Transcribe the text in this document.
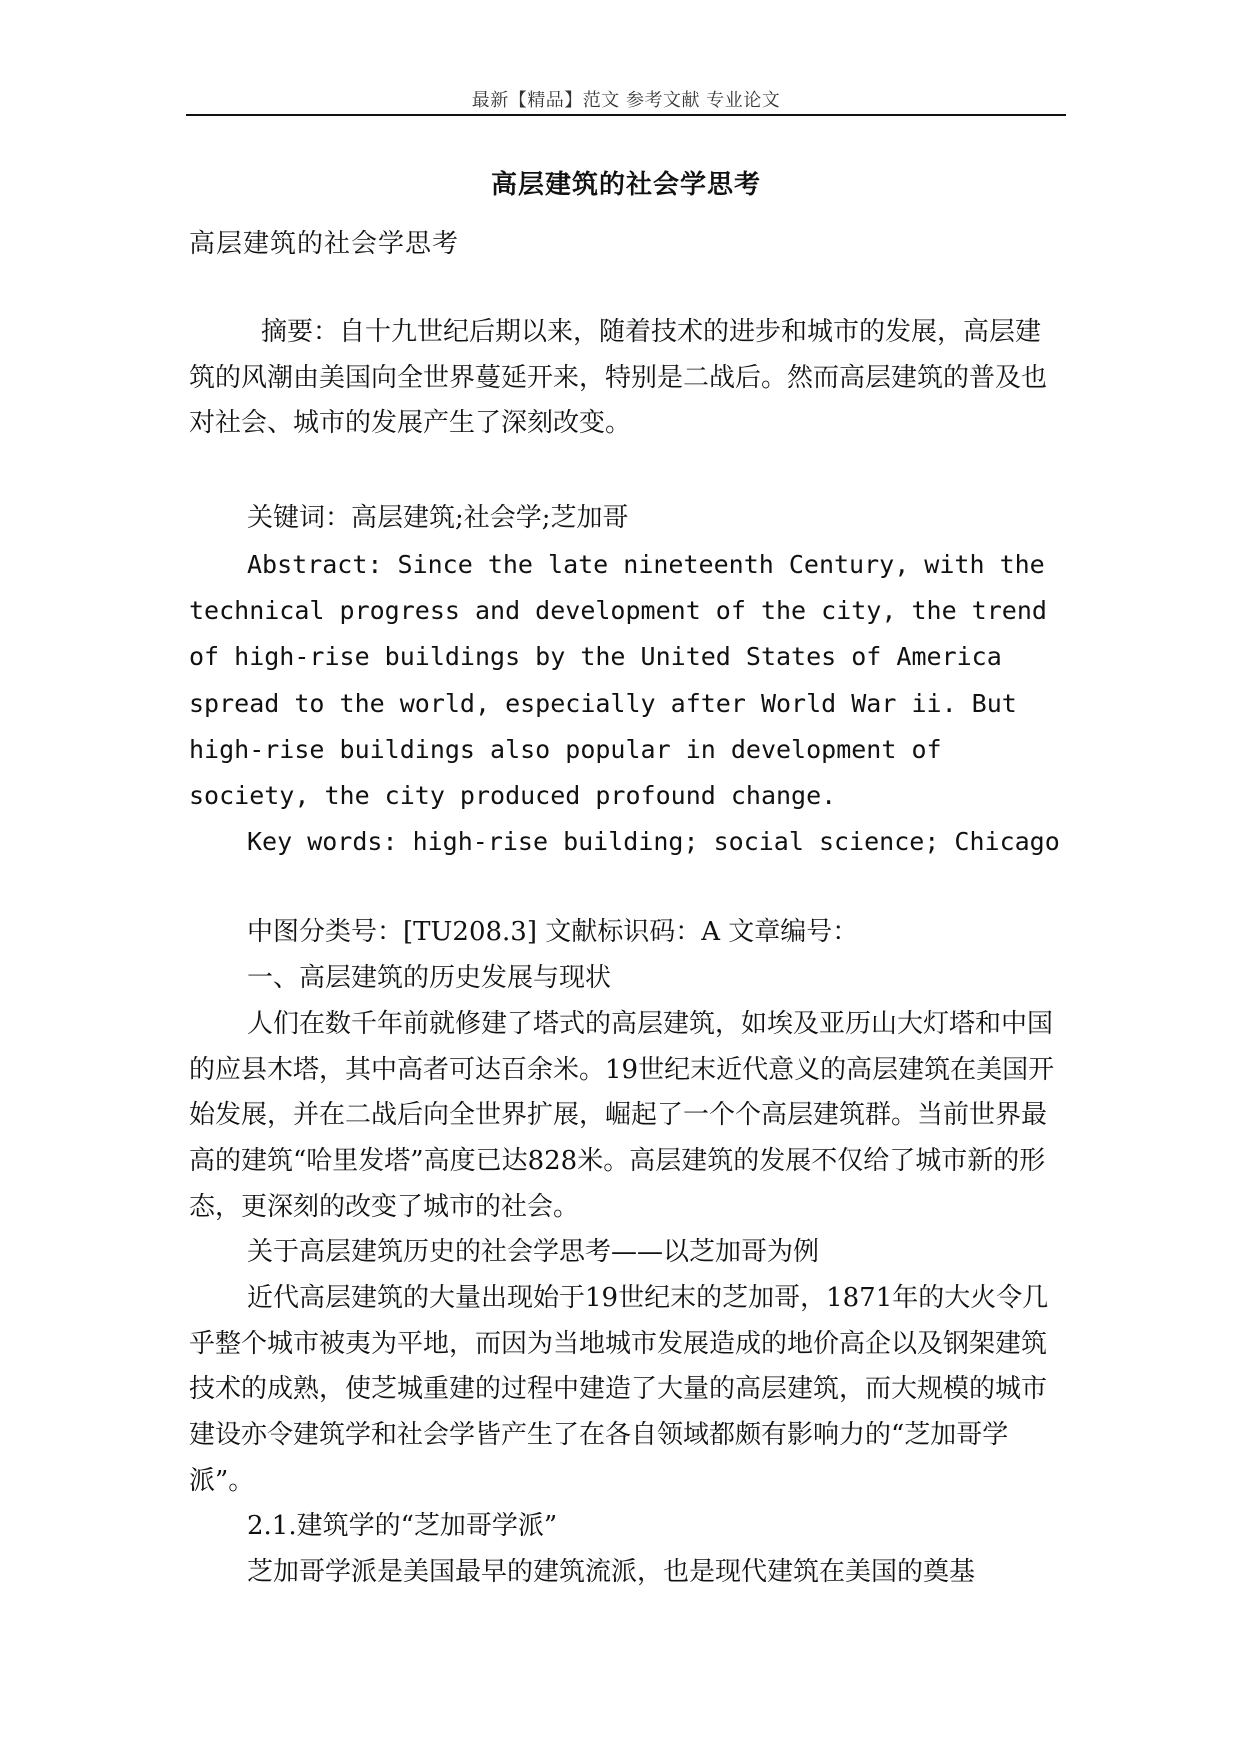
最新【精品】范文 参考文献 专业论文
高层建筑的社会学思考
高层建筑的社会学思考
摘要：自十九世纪后期以来，随着技术的进步和城市的发展，高层建筑的风潮由美国向全世界蔓延开来，特别是二战后。然而高层建筑的普及也对社会、城市的发展产生了深刻改变。
关键词：高层建筑;社会学;芝加哥
Abstract: Since the late nineteenth Century, with the technical progress and development of the city, the trend of high-rise buildings by the United States of America spread to the world, especially after World War ii. But high-rise buildings also popular in development of society, the city produced profound change.
Key words: high-rise building; social science; Chicago
中图分类号：[TU208.3] 文献标识码：A 文章编号：
一、高层建筑的历史发展与现状
人们在数千年前就修建了塔式的高层建筑，如埃及亚历山大灯塔和中国的应县木塔，其中高者可达百余米。19世纪末近代意义的高层建筑在美国开始发展，并在二战后向全世界扩展，崛起了一个个高层建筑群。当前世界最高的建筑“哈里发塔”高度已达828米。高层建筑的发展不仅给了城市新的形态，更深刻的改变了城市的社会。
关于高层建筑历史的社会学思考——以芝加哥为例
近代高层建筑的大量出现始于19世纪末的芝加哥，1871年的大火令几乎整个城市被夷为平地，而因为当地城市发展造成的地价高企以及钢架建筑技术的成熟，使芝城重建的过程中建造了大量的高层建筑，而大规模的城市建设亦令建筑学和社会学皆产生了在各自领域都颇有影响力的“芝加哥学派”。
2.1.建筑学的“芝加哥学派”
芝加哥学派是美国最早的建筑流派，也是现代建筑在美国的奠基
